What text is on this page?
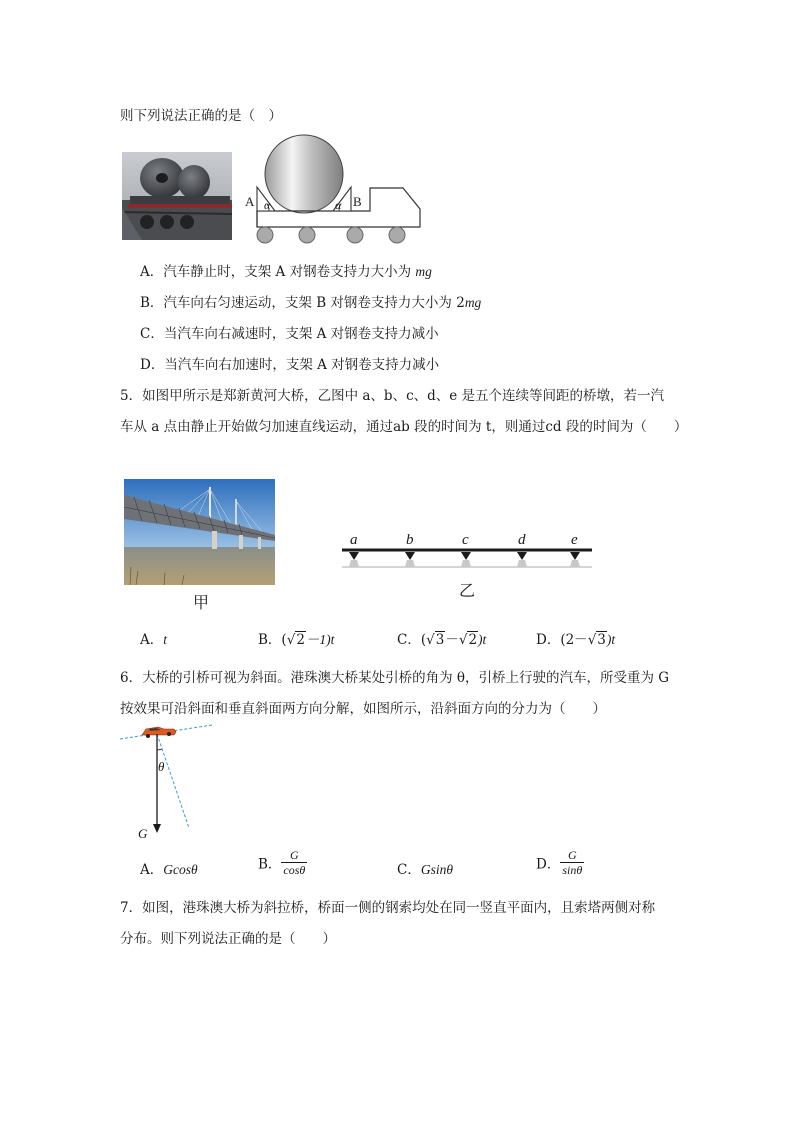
则下列说法正确的是（　）
A	B
α	α
A．汽车静止时，支架 A 对钢卷支持力大小为 mg
B．汽车向右匀速运动，支架 B 对钢卷支持力大小为 2mg
C．当汽车向右减速时，支架 A 对钢卷支持力减小
D．当汽车向右加速时，支架 A 对钢卷支持力减小
5．如图甲所示是郑新黄河大桥，乙图中 a、b、c、d、e 是五个连续等间距的桥墩，若一汽
车从 a 点由静止开始做匀加速直线运动，通过ab 段的时间为 t，则通过cd 段的时间为（　　）
甲
a	b	c	d	e
乙
A．t	B．(√2－1)t	C．(√3－√2)t	D．(2－√3)t
6．大桥的引桥可视为斜面。港珠澳大桥某处引桥的角为 θ，引桥上行驶的汽车，所受重为 G
按效果可沿斜面和垂直斜面两方向分解，如图所示，沿斜面方向的分力为（　　）
θ
G
A．Gcosθ	B． $\frac{G}{\cos\theta}$	C．Gsinθ	D． $\frac{G}{\sin\theta}$
7．如图，港珠澳大桥为斜拉桥，桥面一侧的钢索均处在同一竖直平面内，且索塔两侧对称
分布。则下列说法正确的是（　　）
